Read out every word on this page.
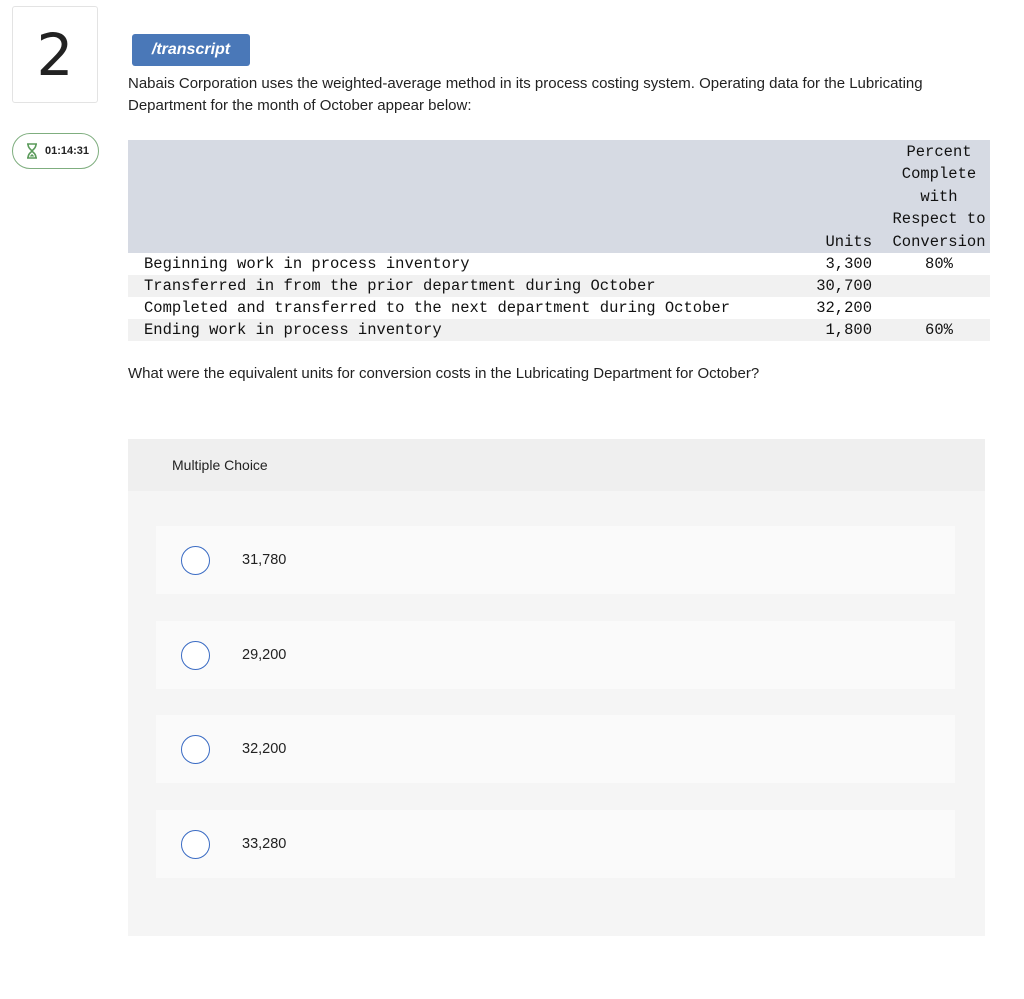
2
01:14:31
/transcript
Nabais Corporation uses the weighted-average method in its process costing system. Operating data for the Lubricating Department for the month of October appear below:
	Units	Percent
Complete
with
Respect to
Conversion

Beginning work in process inventory	3,300	80%
Transferred in from the prior department during October	30,700	
Completed and transferred to the next department during October	32,200	
Ending work in process inventory	1,800	60%
What were the equivalent units for conversion costs in the Lubricating Department for October?
Multiple Choice
31,780
29,200
32,200
33,280
